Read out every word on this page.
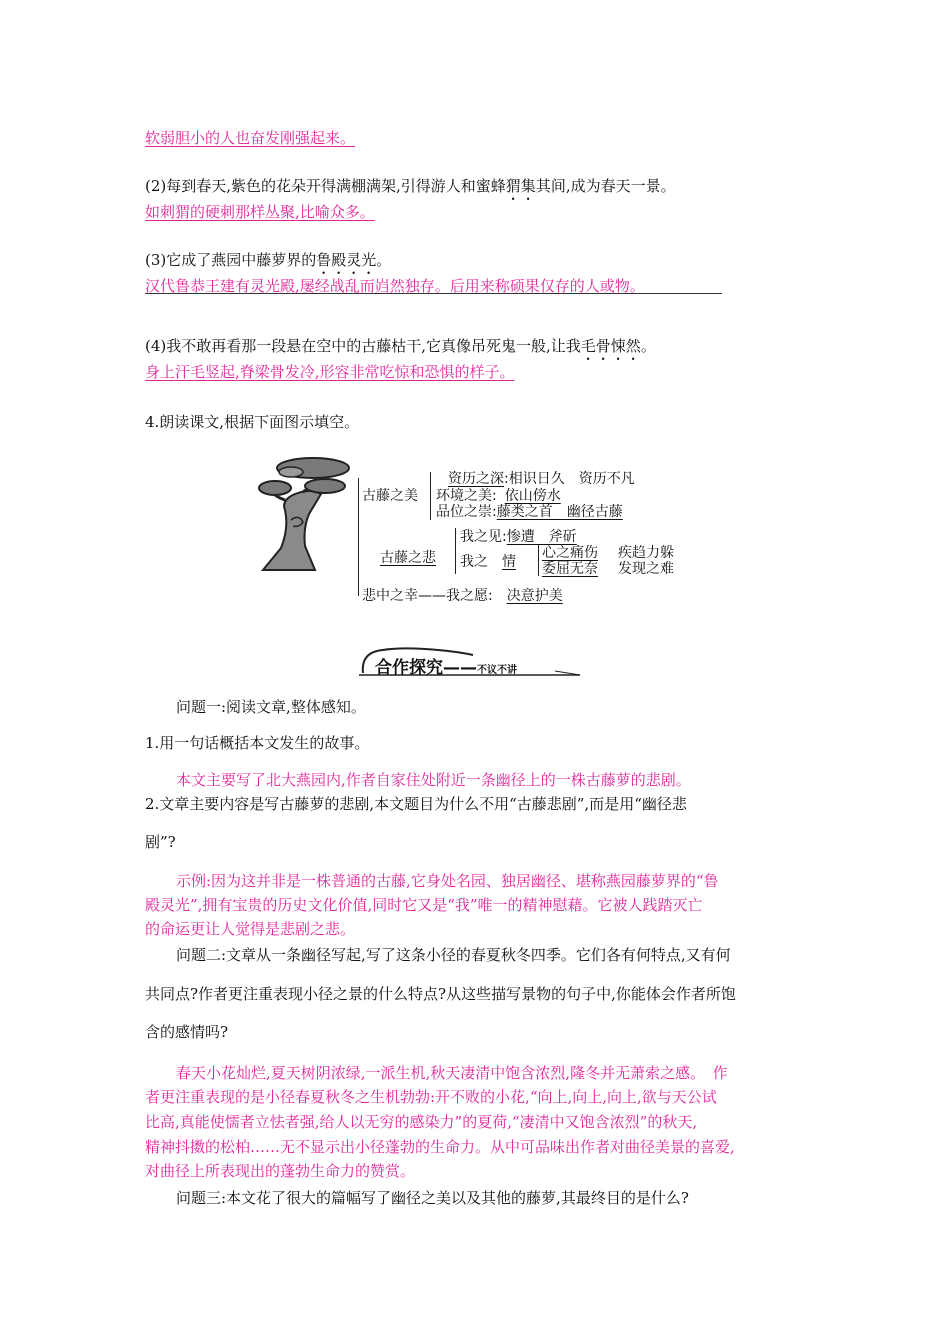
软弱胆小的人也奋发刚强起来。
(2)每到春天,紫色的花朵开得满棚满架,引得游人和蜜蜂猬集其间,成为春天一景。
如刺猬的硬刺那样丛聚,比喻众多。
(3)它成了燕园中藤萝界的鲁殿灵光。
汉代鲁恭王建有灵光殿,屡经战乱而岿然独存。后用来称硕果仅存的人或物。
(4)我不敢再看那一段悬在空中的古藤枯干,它真像吊死鬼一般,让我毛骨悚然。
身上汗毛竖起,脊梁骨发冷,形容非常吃惊和恐惧的样子。
4.朗读课文,根据下面图示填空。
古藤之美
资历之深:相识日久　资历不凡
环境之美: 依山傍水
品位之崇:藤类之首　幽径古藤
古藤之悲
我之见:惨遭　斧斫
我之 情
心之痛伤 疾趋力躲
委屈无奈 发现之难
悲中之幸——我之愿: 决意护美
合作探究——不议不讲
问题一:阅读文章,整体感知。
1.用一句话概括本文发生的故事。
本文主要写了北大燕园内,作者自家住处附近一条幽径上的一株古藤萝的悲剧。
2.文章主要内容是写古藤萝的悲剧,本文题目为什么不用“古藤悲剧”,而是用“幽径悲
剧”?
示例:因为这并非是一株普通的古藤,它身处名园、独居幽径、堪称燕园藤萝界的“鲁
殿灵光”,拥有宝贵的历史文化价值,同时它又是“我”唯一的精神慰藉。它被人践踏灭亡
的命运更让人觉得是悲剧之悲。
问题二:文章从一条幽径写起,写了这条小径的春夏秋冬四季。它们各有何特点,又有何
共同点?作者更注重表现小径之景的什么特点?从这些描写景物的句子中,你能体会作者所饱
含的感情吗?
春天小花灿烂,夏天树阴浓绿,一派生机,秋天凄清中饱含浓烈,隆冬并无萧索之感。　作
者更注重表现的是小径春夏秋冬之生机勃勃:开不败的小花,“向上,向上,向上,欲与天公试
比高,真能使懦者立怯者强,给人以无穷的感染力”的夏荷,“凄清中又饱含浓烈”的秋天,
精神抖擞的松柏……无不显示出小径蓬勃的生命力。从中可品味出作者对曲径美景的喜爱,
对曲径上所表现出的蓬勃生命力的赞赏。
问题三:本文花了很大的篇幅写了幽径之美以及其他的藤萝,其最终目的是什么?
